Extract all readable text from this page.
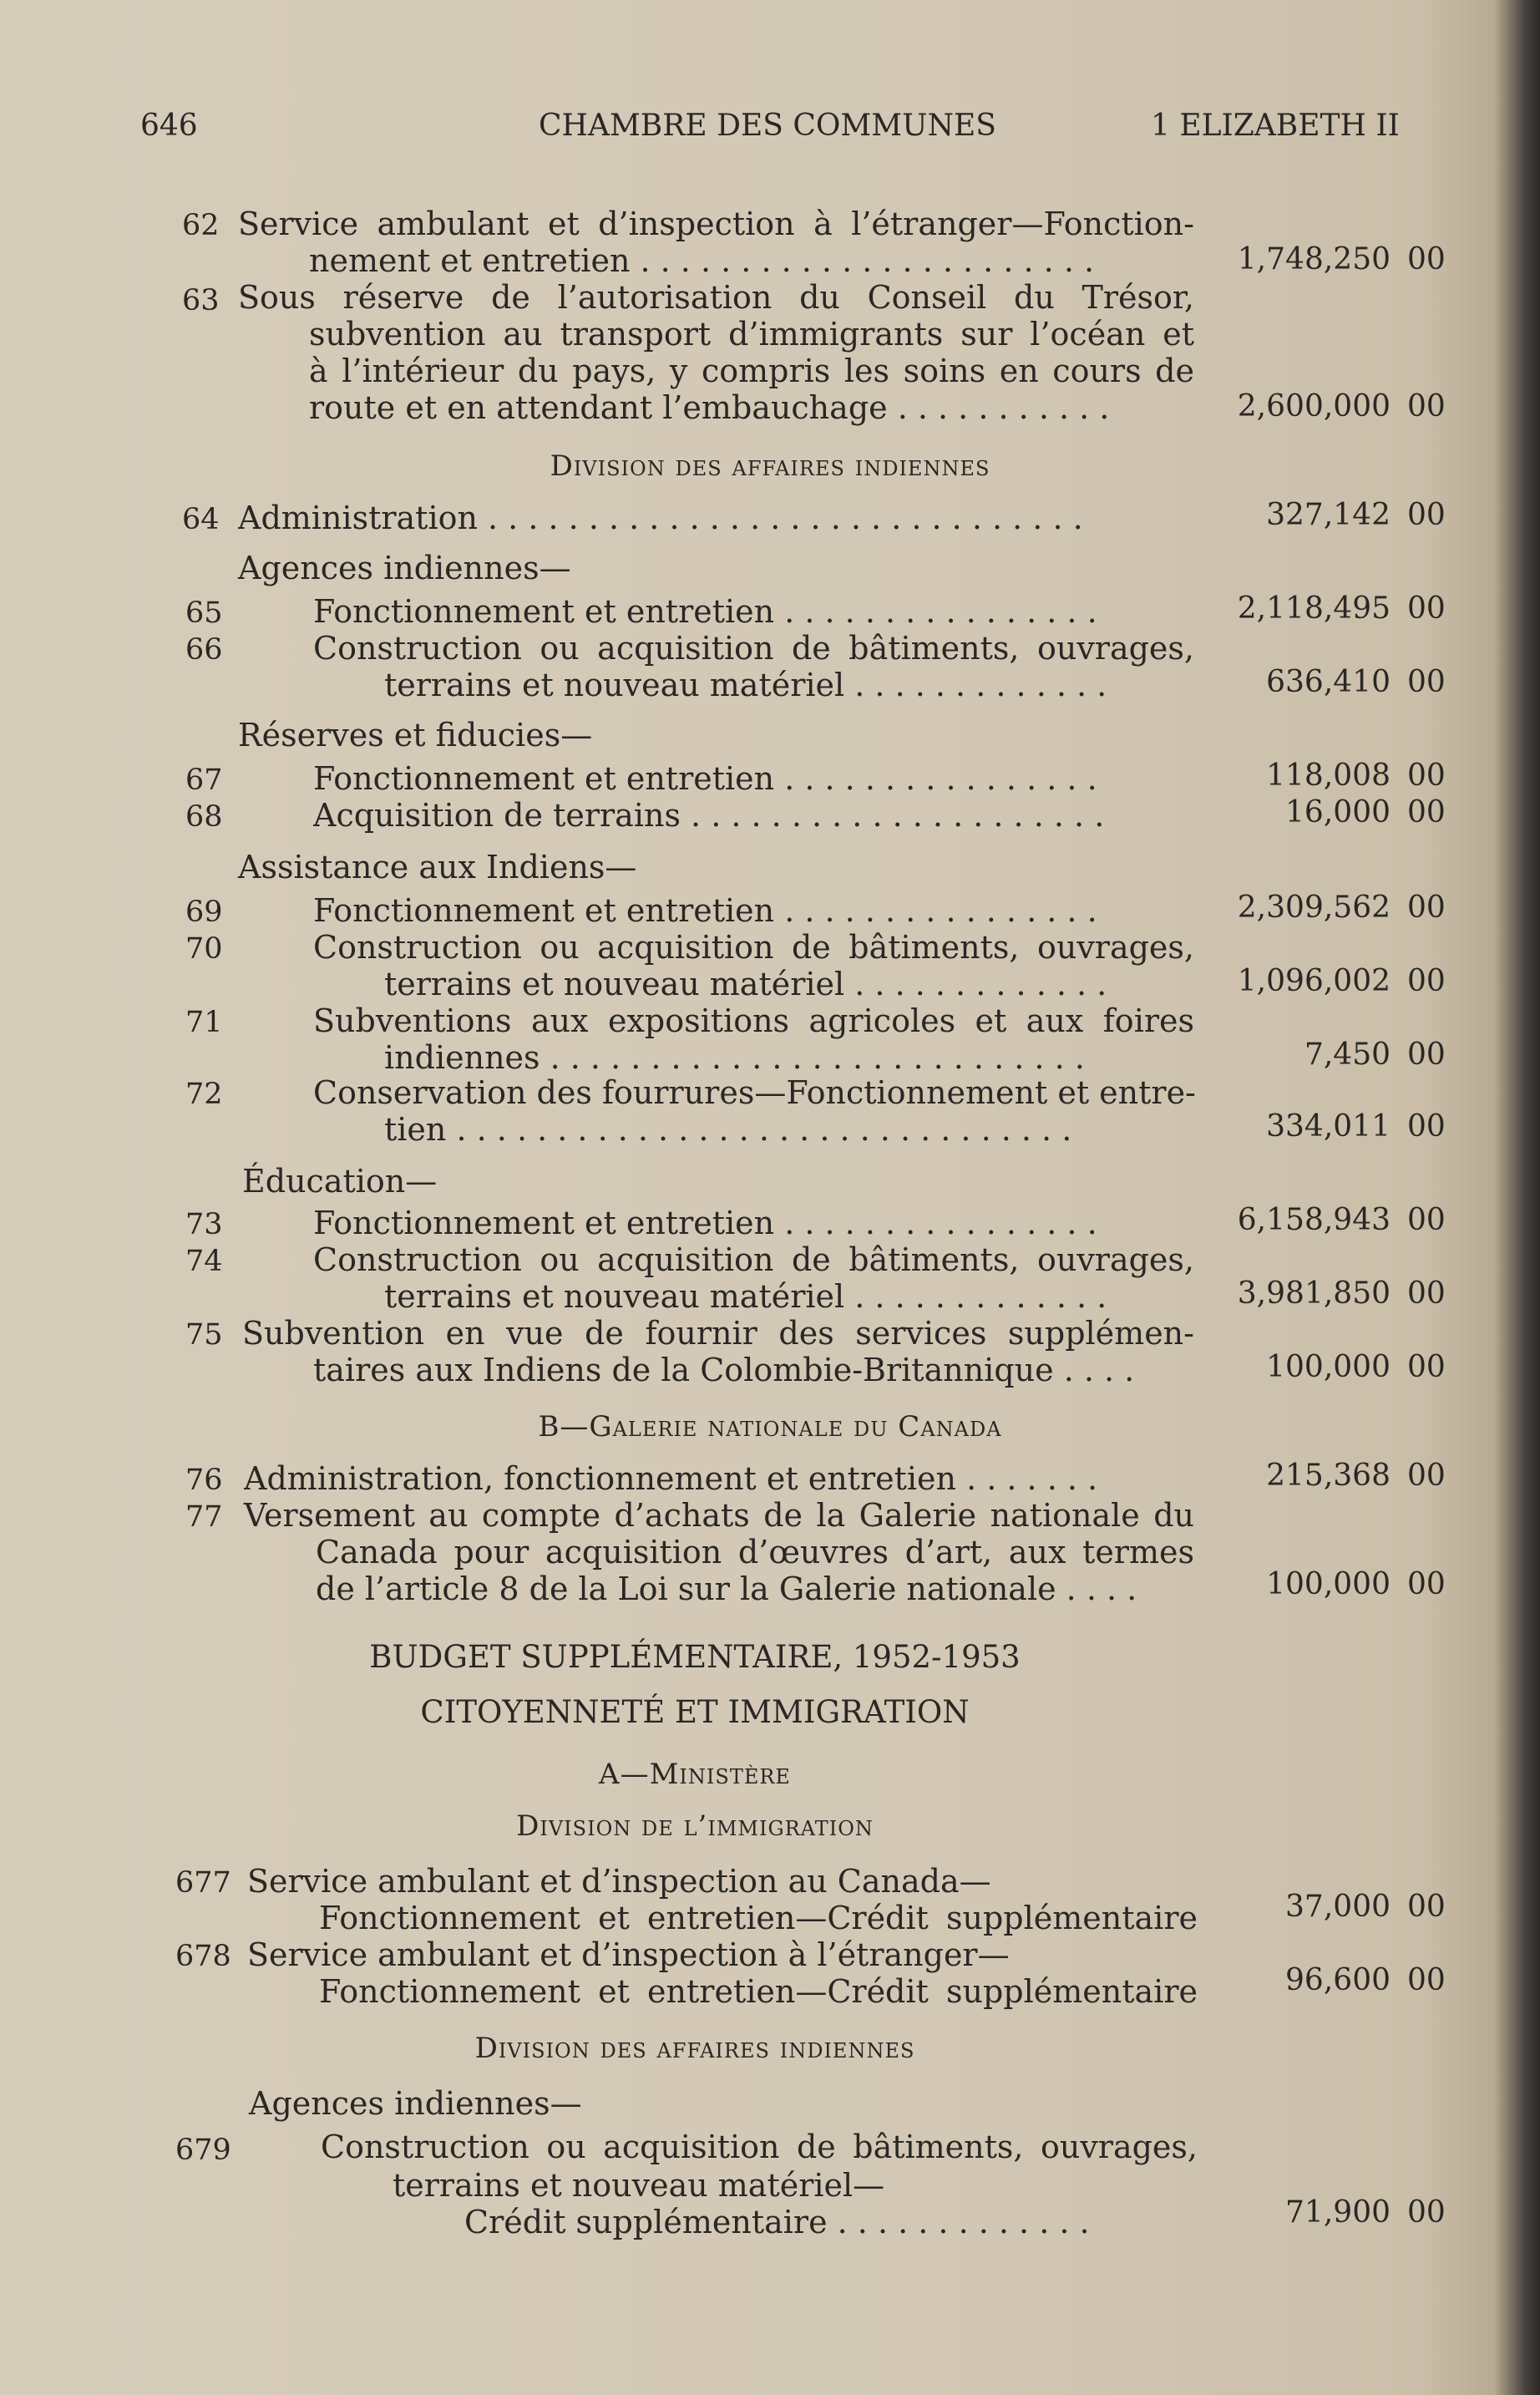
646	CHAMBRE DES COMMUNES	1 ELIZABETH II
62 Service ambulant et d’inspection à l’étranger—Fonction-
nement et entretien . . . . . . . . . . . . . . . . . . . . . . .	1,748,250 00
63 Sous réserve de l’autorisation du Conseil du Trésor,
subvention au transport d’immigrants sur l’océan et
à l’intérieur du pays, y compris les soins en cours de
route et en attendant l’embauchage . . . . . . . . . . .	2,600,000 00
Division des affaires indiennes
64 Administration . . . . . . . . . . . . . . . . . . . . . . . . . . . . . .	327,142 00
Agences indiennes—
65	Fonctionnement et entretien . . . . . . . . . . . . . . . .	2,118,495 00
66	Construction ou acquisition de bâtiments, ouvrages,
terrains et nouveau matériel . . . . . . . . . . . . .	636,410 00
Réserves et fiducies—
67	Fonctionnement et entretien . . . . . . . . . . . . . . . .	118,008 00
68	Acquisition de terrains . . . . . . . . . . . . . . . . . . . . .	16,000 00
Assistance aux Indiens—
69	Fonctionnement et entretien . . . . . . . . . . . . . . . .	2,309,562 00
70	Construction ou acquisition de bâtiments, ouvrages,
terrains et nouveau matériel . . . . . . . . . . . . .	1,096,002 00
71	Subventions aux expositions agricoles et aux foires
indiennes . . . . . . . . . . . . . . . . . . . . . . . . . . .	7,450 00
72	Conservation des fourrures—Fonctionnement et entre-
tien . . . . . . . . . . . . . . . . . . . . . . . . . . . . . . .	334,011 00
Éducation—
73	Fonctionnement et entretien . . . . . . . . . . . . . . . .	6,158,943 00
74	Construction ou acquisition de bâtiments, ouvrages,
terrains et nouveau matériel . . . . . . . . . . . . .	3,981,850 00
75 Subvention en vue de fournir des services supplémen-
taires aux Indiens de la Colombie-Britannique . . . .	100,000 00
B—Galerie nationale du Canada
76 Administration, fonctionnement et entretien . . . . . . .	215,368 00
77 Versement au compte d’achats de la Galerie nationale du
Canada pour acquisition d’œuvres d’art, aux termes
de l’article 8 de la Loi sur la Galerie nationale . . . .	100,000 00
BUDGET SUPPLÉMENTAIRE, 1952-1953
CITOYENNETÉ ET IMMIGRATION
A—Ministère
Division de l’immigration
677 Service ambulant et d’inspection au Canada—
Fonctionnement et entretien—Crédit supplémentaire	37,000 00
678 Service ambulant et d’inspection à l’étranger—
Fonctionnement et entretien—Crédit supplémentaire	96,600 00
Division des affaires indiennes
Agences indiennes—
679	Construction ou acquisition de bâtiments, ouvrages,
terrains et nouveau matériel—
Crédit supplémentaire . . . . . . . . . . . . .	71,900 00
